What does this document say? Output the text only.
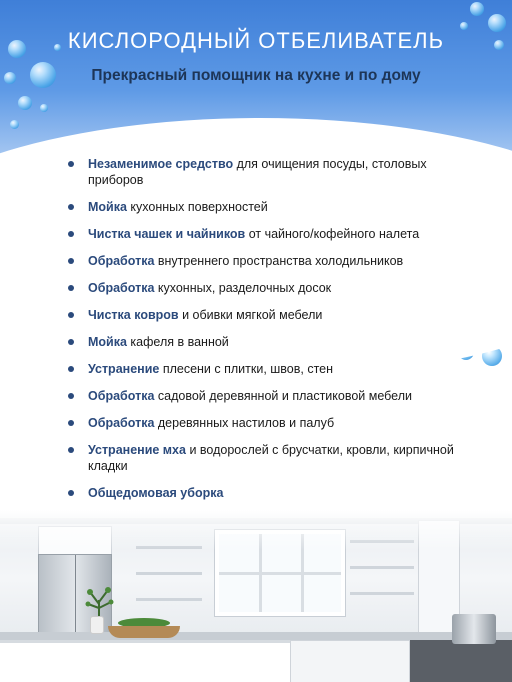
КИСЛОРОДНЫЙ ОТБЕЛИВАТЕЛЬ
Прекрасный помощник на кухне и по дому
Незаменимое средство для очищения посуды, столовых приборов
Мойка кухонных поверхностей
Чистка чашек и чайников от чайного/кофейного налета
Обработка внутреннего пространства холодильников
Обработка кухонных, разделочных досок
Чистка ковров и обивки мягкой мебели
Мойка кафеля в ванной
Устранение плесени с плитки, швов, стен
Обработка садовой деревянной и пластиковой мебели
Обработка деревянных настилов и палуб
Устранение мха и водорослей с брусчатки, кровли, кирпичной кладки
Общедомовая уборка
